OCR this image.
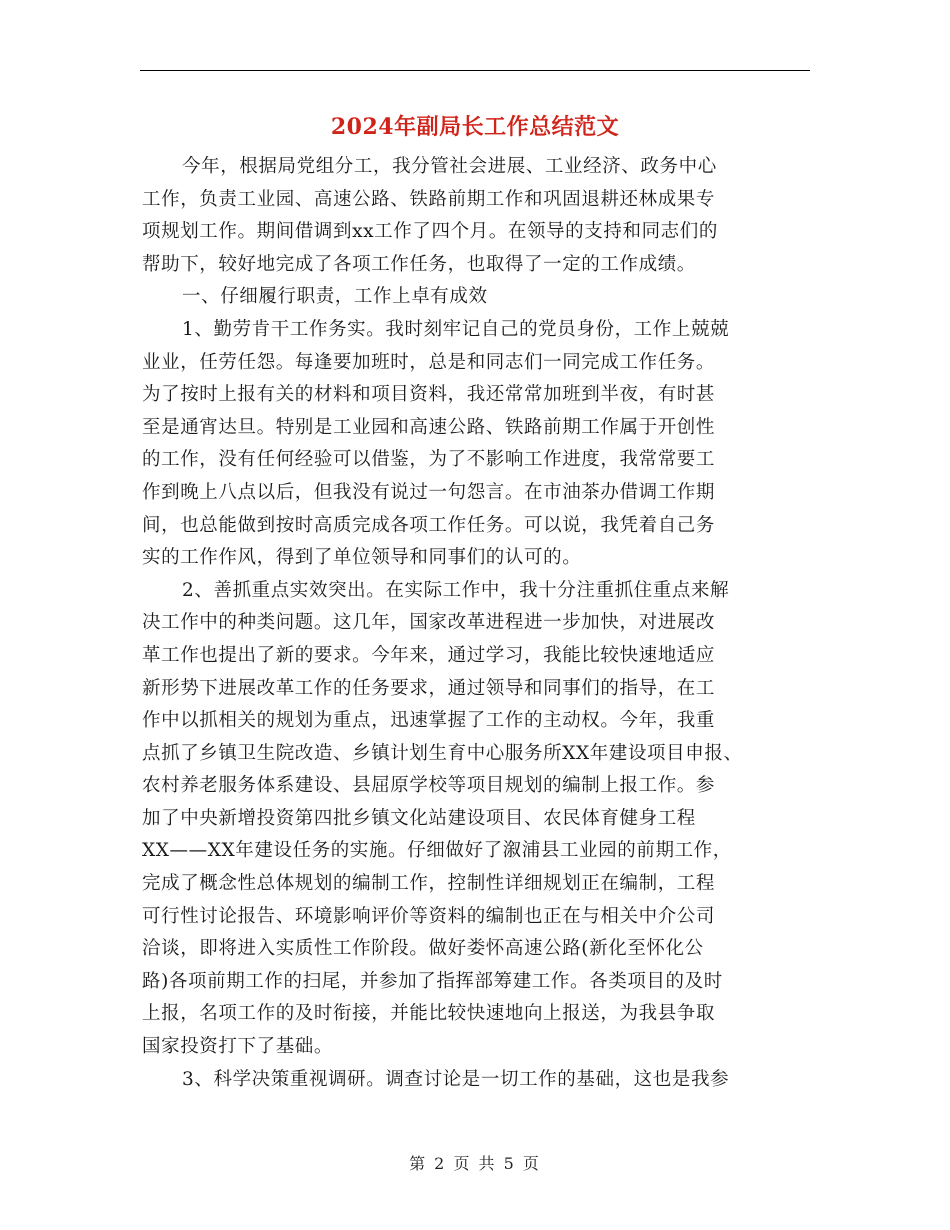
2024年副局长工作总结范文
今年，根据局党组分工，我分管社会进展、工业经济、政务中心
工作，负责工业园、高速公路、铁路前期工作和巩固退耕还林成果专
项规划工作。期间借调到xx工作了四个月。在领导的支持和同志们的
帮助下，较好地完成了各项工作任务，也取得了一定的工作成绩。
一、仔细履行职责，工作上卓有成效
1、勤劳肯干工作务实。我时刻牢记自己的党员身份，工作上兢兢
业业，任劳任怨。每逢要加班时，总是和同志们一同完成工作任务。
为了按时上报有关的材料和项目资料，我还常常加班到半夜，有时甚
至是通宵达旦。特别是工业园和高速公路、铁路前期工作属于开创性
的工作，没有任何经验可以借鉴，为了不影响工作进度，我常常要工
作到晚上八点以后，但我没有说过一句怨言。在市油茶办借调工作期
间，也总能做到按时高质完成各项工作任务。可以说，我凭着自己务
实的工作作风，得到了单位领导和同事们的认可的。
2、善抓重点实效突出。在实际工作中，我十分注重抓住重点来解
决工作中的种类问题。这几年，国家改革进程进一步加快，对进展改
革工作也提出了新的要求。今年来，通过学习，我能比较快速地适应
新形势下进展改革工作的任务要求，通过领导和同事们的指导，在工
作中以抓相关的规划为重点，迅速掌握了工作的主动权。今年，我重
点抓了乡镇卫生院改造、乡镇计划生育中心服务所XX年建设项目申报、
农村养老服务体系建设、县屈原学校等项目规划的编制上报工作。参
加了中央新增投资第四批乡镇文化站建设项目、农民体育健身工程
XX——XX年建设任务的实施。仔细做好了溆浦县工业园的前期工作，
完成了概念性总体规划的编制工作，控制性详细规划正在编制，工程
可行性讨论报告、环境影响评价等资料的编制也正在与相关中介公司
洽谈，即将进入实质性工作阶段。做好娄怀高速公路(新化至怀化公
路)各项前期工作的扫尾，并参加了指挥部筹建工作。各类项目的及时
上报，名项工作的及时衔接，并能比较快速地向上报送，为我县争取
国家投资打下了基础。
3、科学决策重视调研。调查讨论是一切工作的基础，这也是我参
第 2 页 共 5 页
